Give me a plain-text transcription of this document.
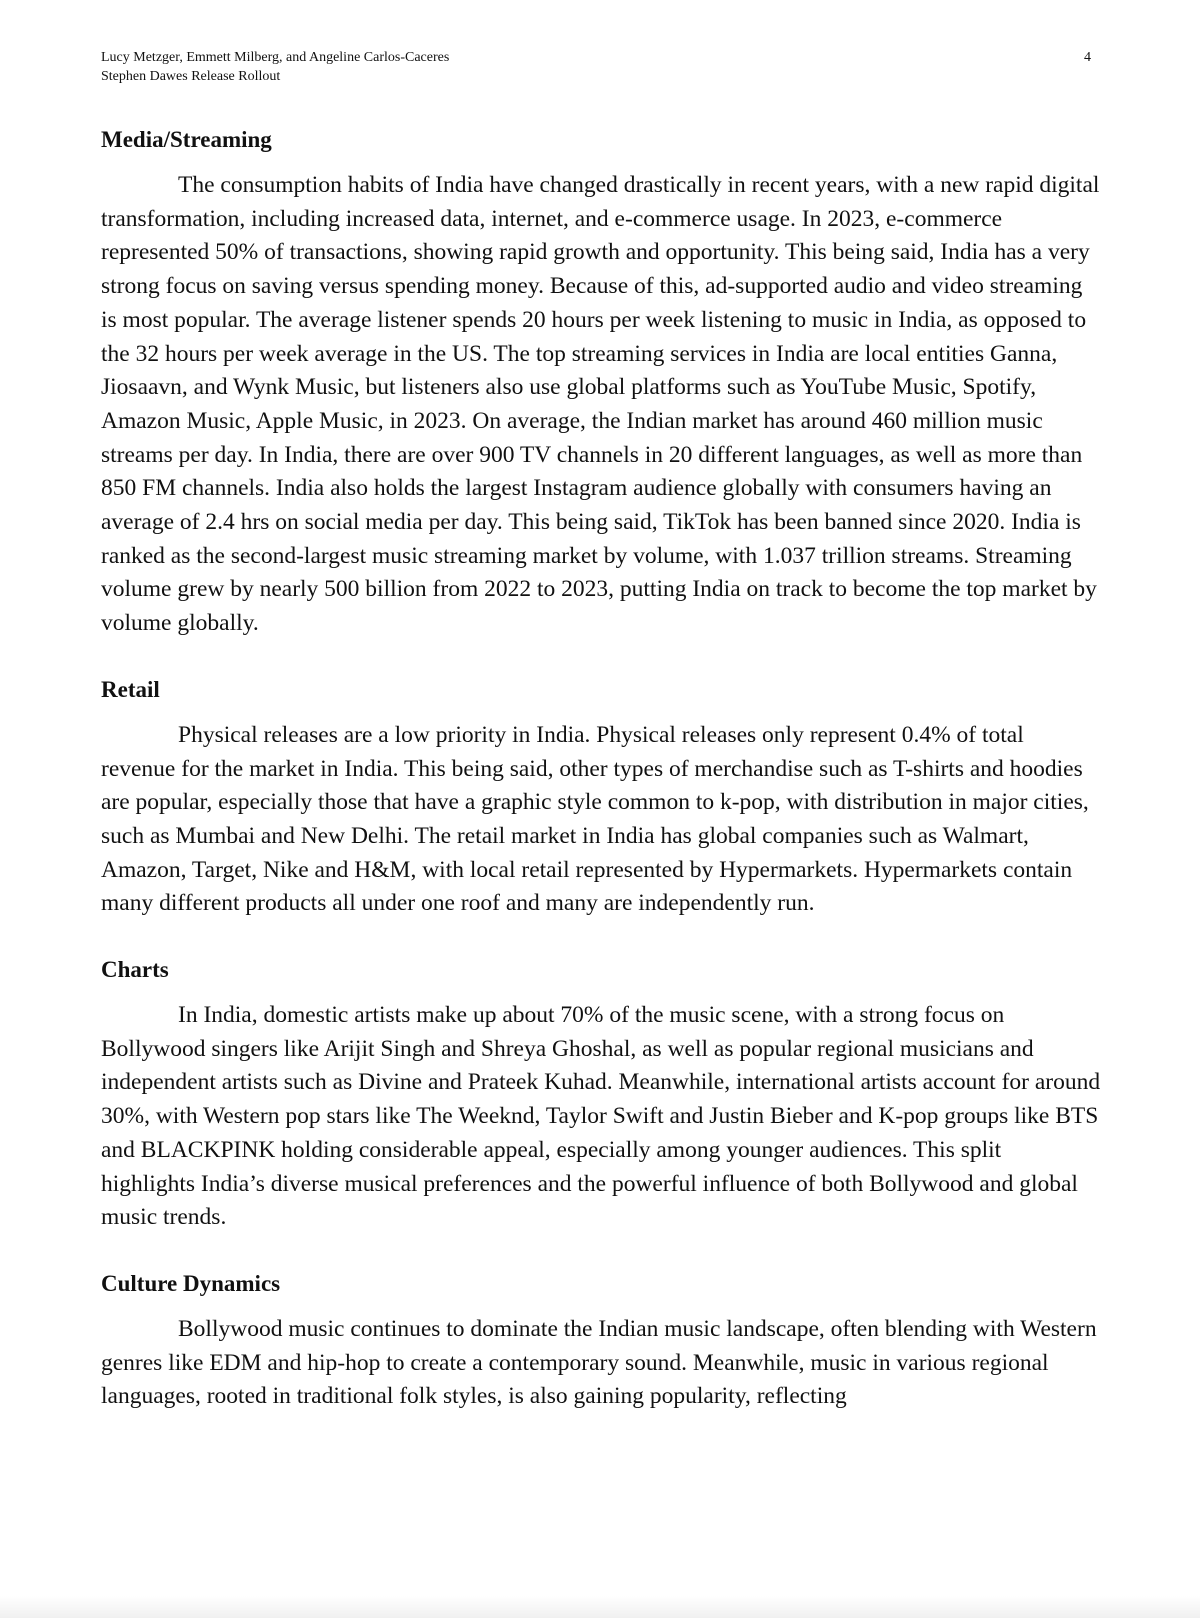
Lucy Metzger, Emmett Milberg, and Angeline Carlos-Caceres
Stephen Dawes Release Rollout
4
Media/Streaming

The consumption habits of India have changed drastically in recent years, with a new rapid digital transformation, including increased data, internet, and e-commerce usage. In 2023, e-commerce represented 50% of transactions, showing rapid growth and opportunity. This being said, India has a very strong focus on saving versus spending money. Because of this, ad-supported audio and video streaming is most popular. The average listener spends 20 hours per week listening to music in India, as opposed to the 32 hours per week average in the US. The top streaming services in India are local entities Ganna, Jiosaavn, and Wynk Music, but listeners also use global platforms such as YouTube Music, Spotify, Amazon Music, Apple Music, in 2023. On average, the Indian market has around 460 million music streams per day. In India, there are over 900 TV channels in 20 different languages, as well as more than 850 FM channels. India also holds the largest Instagram audience globally with consumers having an average of 2.4 hrs on social media per day. This being said, TikTok has been banned since 2020. India is ranked as the second-largest music streaming market by volume, with 1.037 trillion streams. Streaming volume grew by nearly 500 billion from 2022 to 2023, putting India on track to become the top market by volume globally.

Retail

Physical releases are a low priority in India. Physical releases only represent 0.4% of total revenue for the market in India. This being said, other types of merchandise such as T-shirts and hoodies are popular, especially those that have a graphic style common to k-pop, with distribution in major cities, such as Mumbai and New Delhi. The retail market in India has global companies such as Walmart, Amazon, Target, Nike and H&M, with local retail represented by Hypermarkets. Hypermarkets contain many different products all under one roof and many are independently run.

Charts

In India, domestic artists make up about 70% of the music scene, with a strong focus on Bollywood singers like Arijit Singh and Shreya Ghoshal, as well as popular regional musicians and independent artists such as Divine and Prateek Kuhad. Meanwhile, international artists account for around 30%, with Western pop stars like The Weeknd, Taylor Swift and Justin Bieber and K-pop groups like BTS and BLACKPINK holding considerable appeal, especially among younger audiences. This split highlights India’s diverse musical preferences and the powerful influence of both Bollywood and global music trends.

Culture Dynamics

Bollywood music continues to dominate the Indian music landscape, often blending with Western genres like EDM and hip-hop to create a contemporary sound. Meanwhile, music in various regional languages, rooted in traditional folk styles, is also gaining popularity, reflecting
